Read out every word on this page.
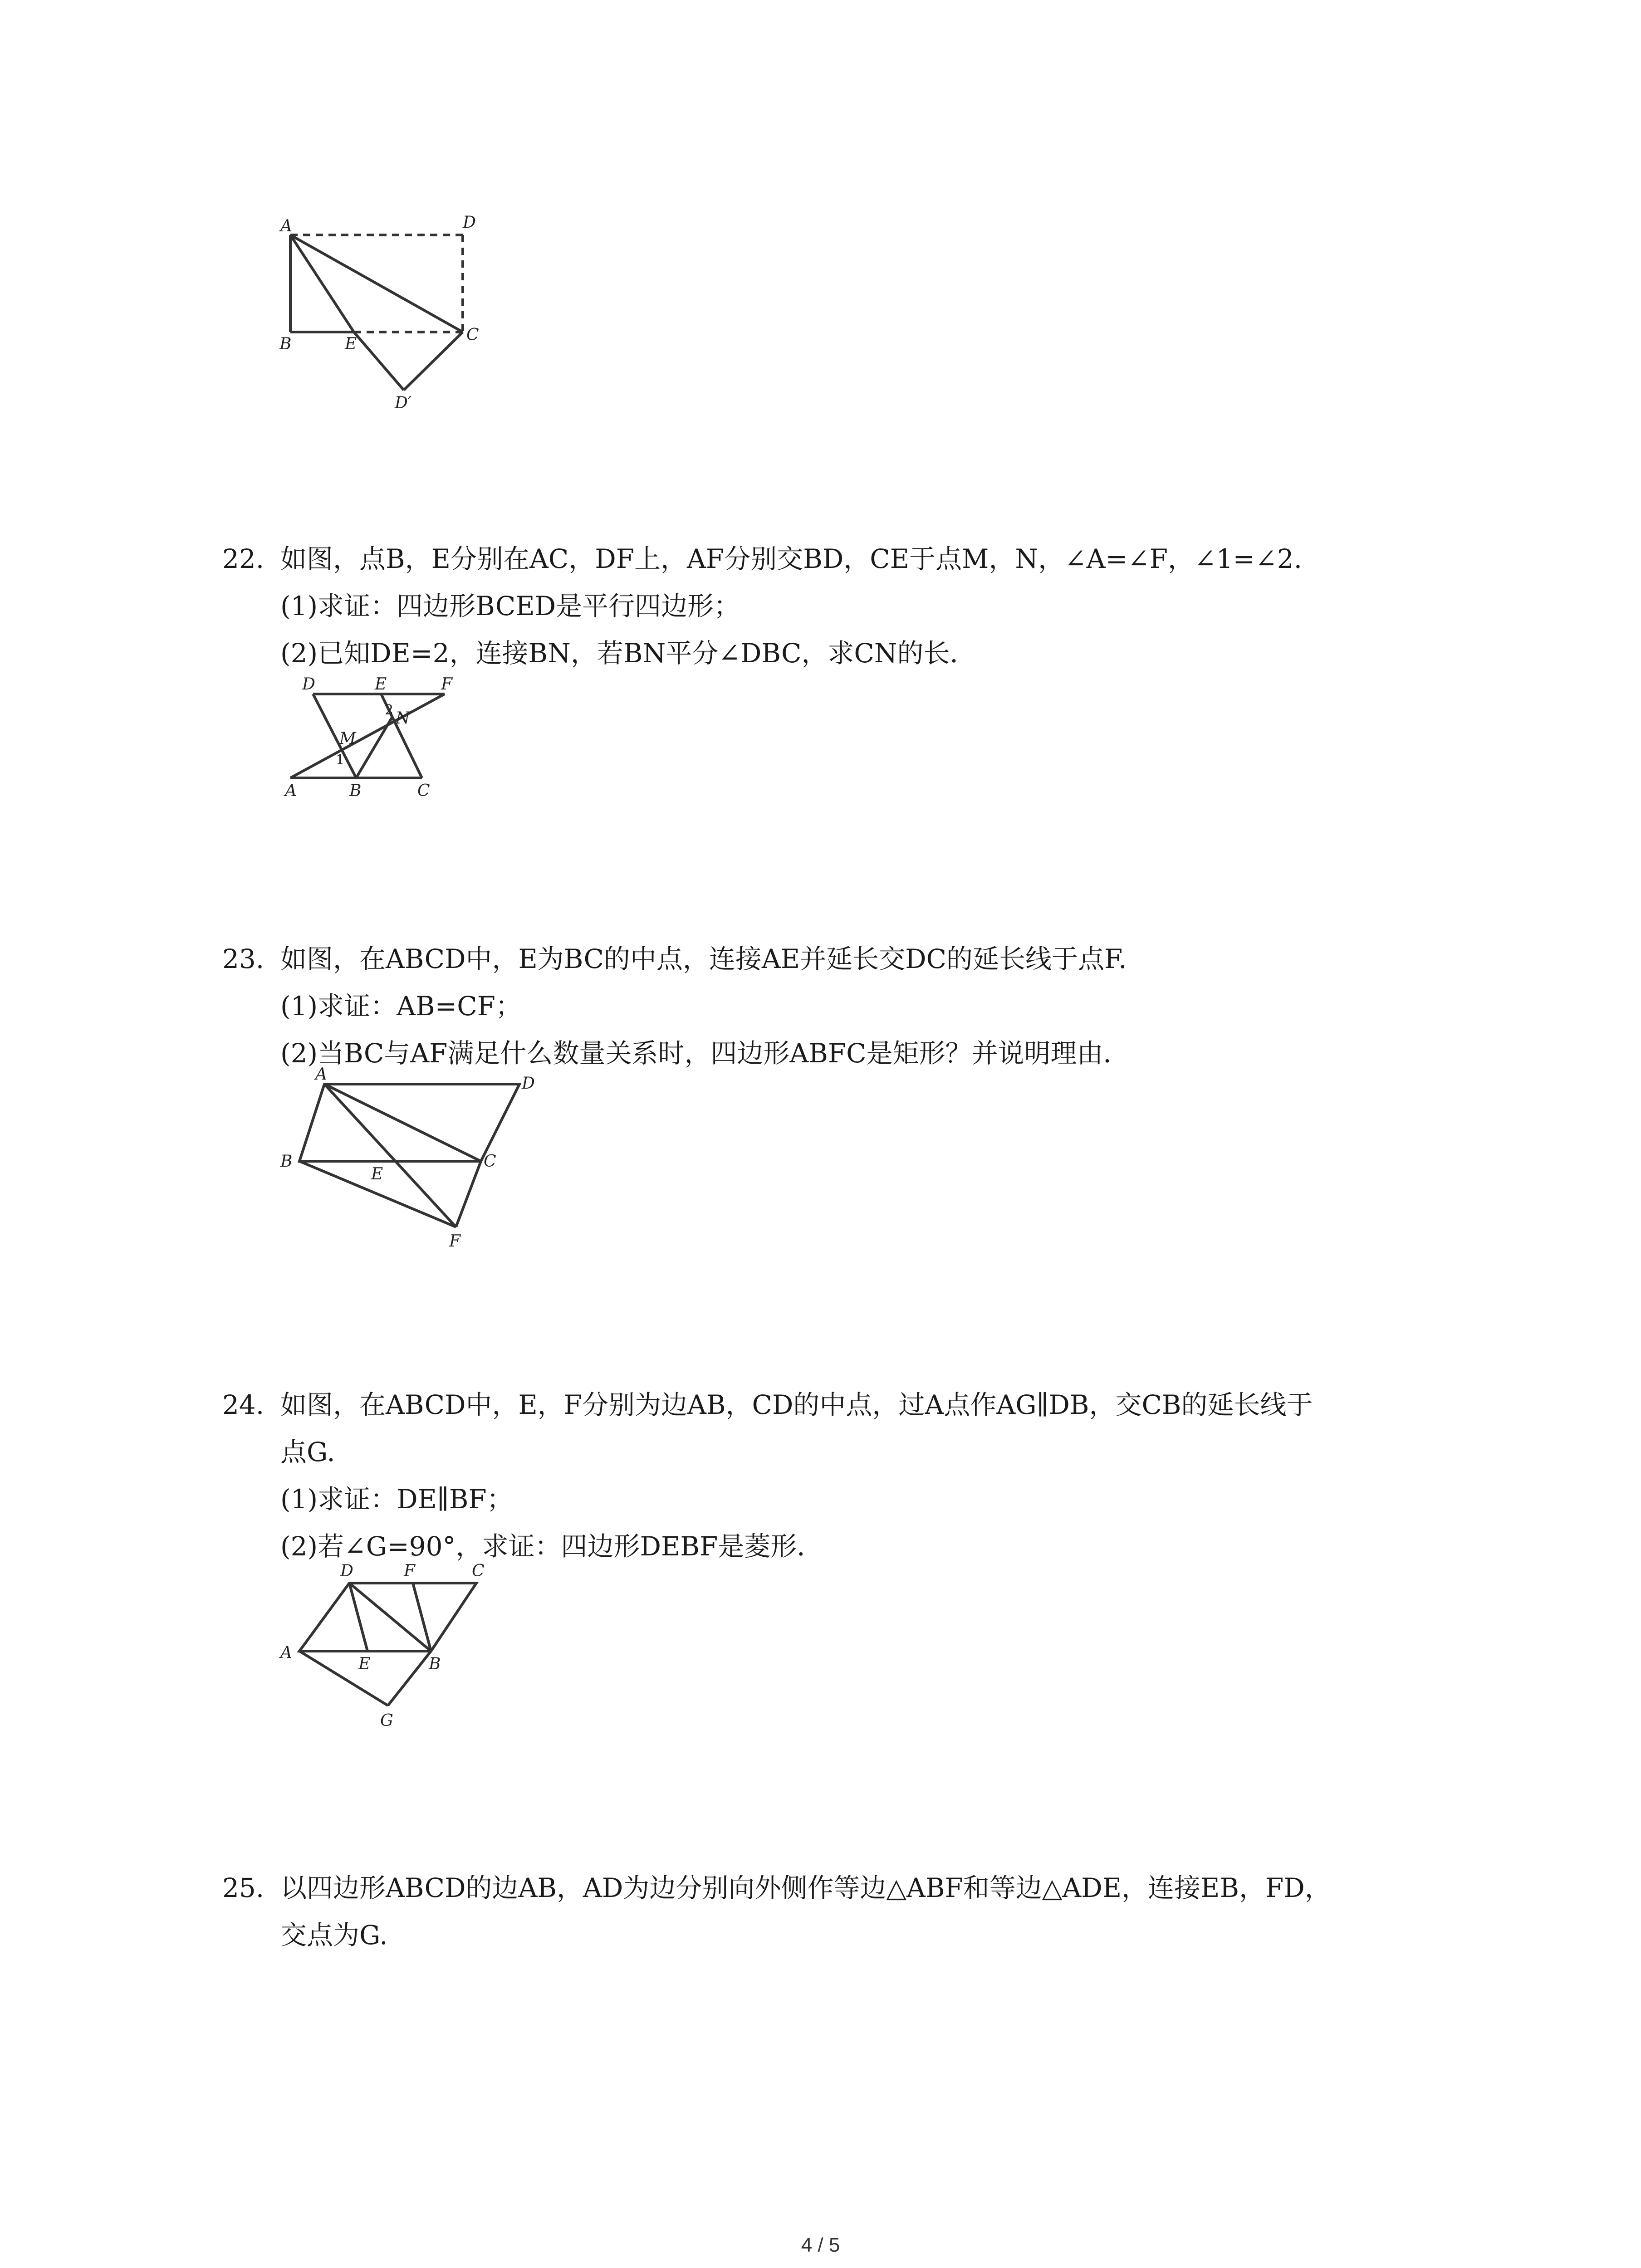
A	D
B	E	C
D′
22. 如图，点B，E分别在AC，DF上，AF分别交BD，CE于点M，N，∠A=∠F，∠1=∠2.
(1)求证：四边形BCED是平行四边形；
(2)已知DE=2，连接BN，若BN平分∠DBC，求CN的长．
D	E	F
M
N
1
2
A	B	C
23. 如图，在ABCD中，E为BC的中点，连接AE并延长交DC的延长线于点F.
(1)求证：AB=CF；
(2)当BC与AF满足什么数量关系时，四边形ABFC是矩形？并说明理由．
A	D
B	C
E
F
24. 如图，在ABCD中，E，F分别为边AB，CD的中点，过A点作AG∥DB，交CB的延长线于
点G.
(1)求证：DE∥BF；
(2)若∠G=90°，求证：四边形DEBF是菱形．
D	F	C
A
E	B
G
25. 以四边形ABCD的边AB，AD为边分别向外侧作等边△ABF和等边△ADE，连接EB，FD，
交点为G.
4 / 5
